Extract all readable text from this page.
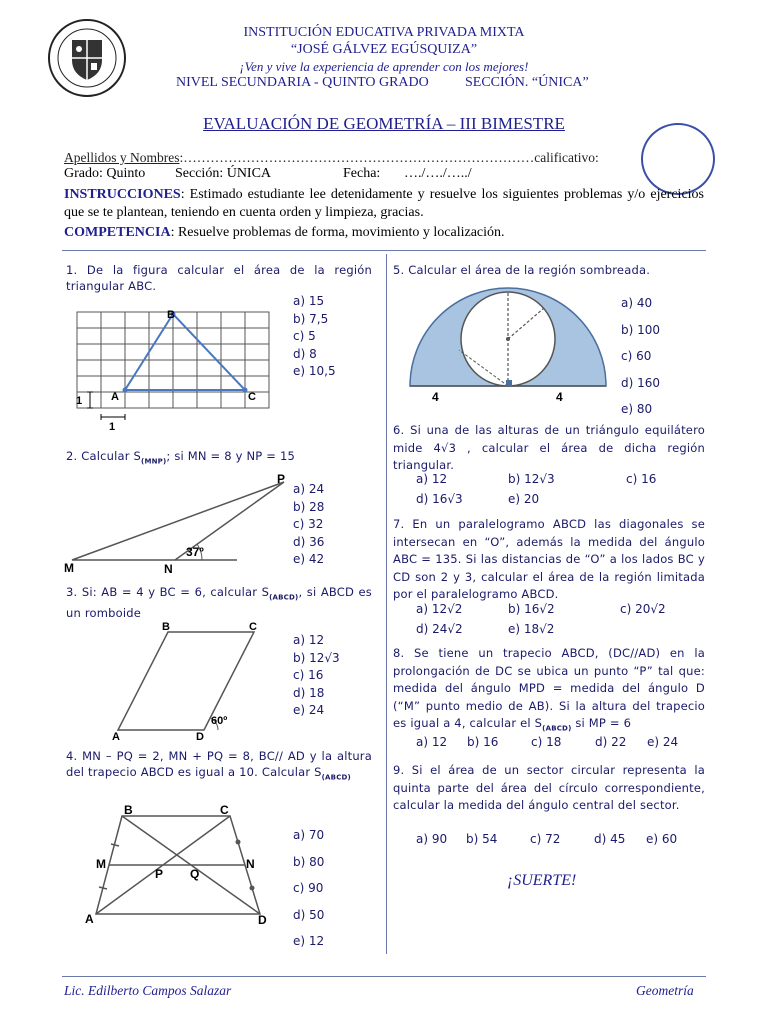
INSTITUCIÓN EDUCATIVA PRIVADA MIXTA
“JOSÉ GÁLVEZ EGÚSQUIZA”
¡Ven y vive la experiencia de aprender con los mejores!
NIVEL SECUNDARIA - QUINTO GRADO	SECCIÓN. “ÚNICA”
EVALUACIÓN DE GEOMETRÍA – III BIMESTRE
Apellidos y Nombres:……………………………………………………………………calificativo:
Grado: Quinto Sección: ÚNICA	Fecha: …./…./…../
INSTRUCCIONES: Estimado estudiante lee detenidamente y resuelve los siguientes problemas y/o ejercicios que se te plantean, teniendo en cuenta orden y limpieza, gracias.
COMPETENCIA: Resuelve problemas de forma, movimiento y localización.
1. De la figura calcular el área de la región triangular ABC.
B
A	C
1
1
a) 15
b) 7,5
c) 5
d) 8
e) 10,5
2. Calcular $S_{(MNP)}$; si MN = 8 y NP = 15
37º
M	N
P
a) 24
b) 28
c) 32
d) 36
e) 42
3. Si: AB = 4 y BC = 6, calcular $S_{(ABCD)}$, si ABCD es un romboide
B	C
A	D
60º
a) 12
b) 12√3
c) 16
d) 18
e) 24
4. MN – PQ = 2, MN + PQ = 8, BC// AD y la altura del trapecio ABCD es igual a 10. Calcular $S_{(ABCD)}$
B	C
M	N
P Q
A	D
a) 70
b) 80
c) 90
d) 50
e) 12
5. Calcular el área de la región sombreada.
4	4
a) 40
b) 100
c) 60
d) 160
e) 80
6. Si una de las alturas de un triángulo equilátero mide 4√3 , calcular el área de dicha región triangular.
a) 12	b) 12√3	c) 16
d) 16√3	e) 20
7. En un paralelogramo ABCD las diagonales se intersecan en “O”, además la medida del ángulo ABC = 135. Si las distancias de “O” a los lados BC y CD son 2 y 3, calcular el área de la región limitada por el paralelogramo ABCD.
a) 12√2	b) 16√2	c) 20√2
d) 24√2	e) 18√2
8. Se tiene un trapecio ABCD, (DC//AD) en la prolongación de DC se ubica un punto “P” tal que: medida del ángulo MPD = medida del ángulo D (“M” punto medio de AB). Si la altura del trapecio es igual a 4, calcular el $S_{(ABCD)}$ si MP = 6
a) 12 b) 16	c) 18	d) 22 e) 24
9. Si el área de un sector circular representa la quinta parte del área del círculo correspondiente, calcular la medida del ángulo central del sector.
a) 90 b) 54	c) 72	d) 45 e) 60
¡SUERTE!
Lic. Edilberto Campos Salazar	Geometría
